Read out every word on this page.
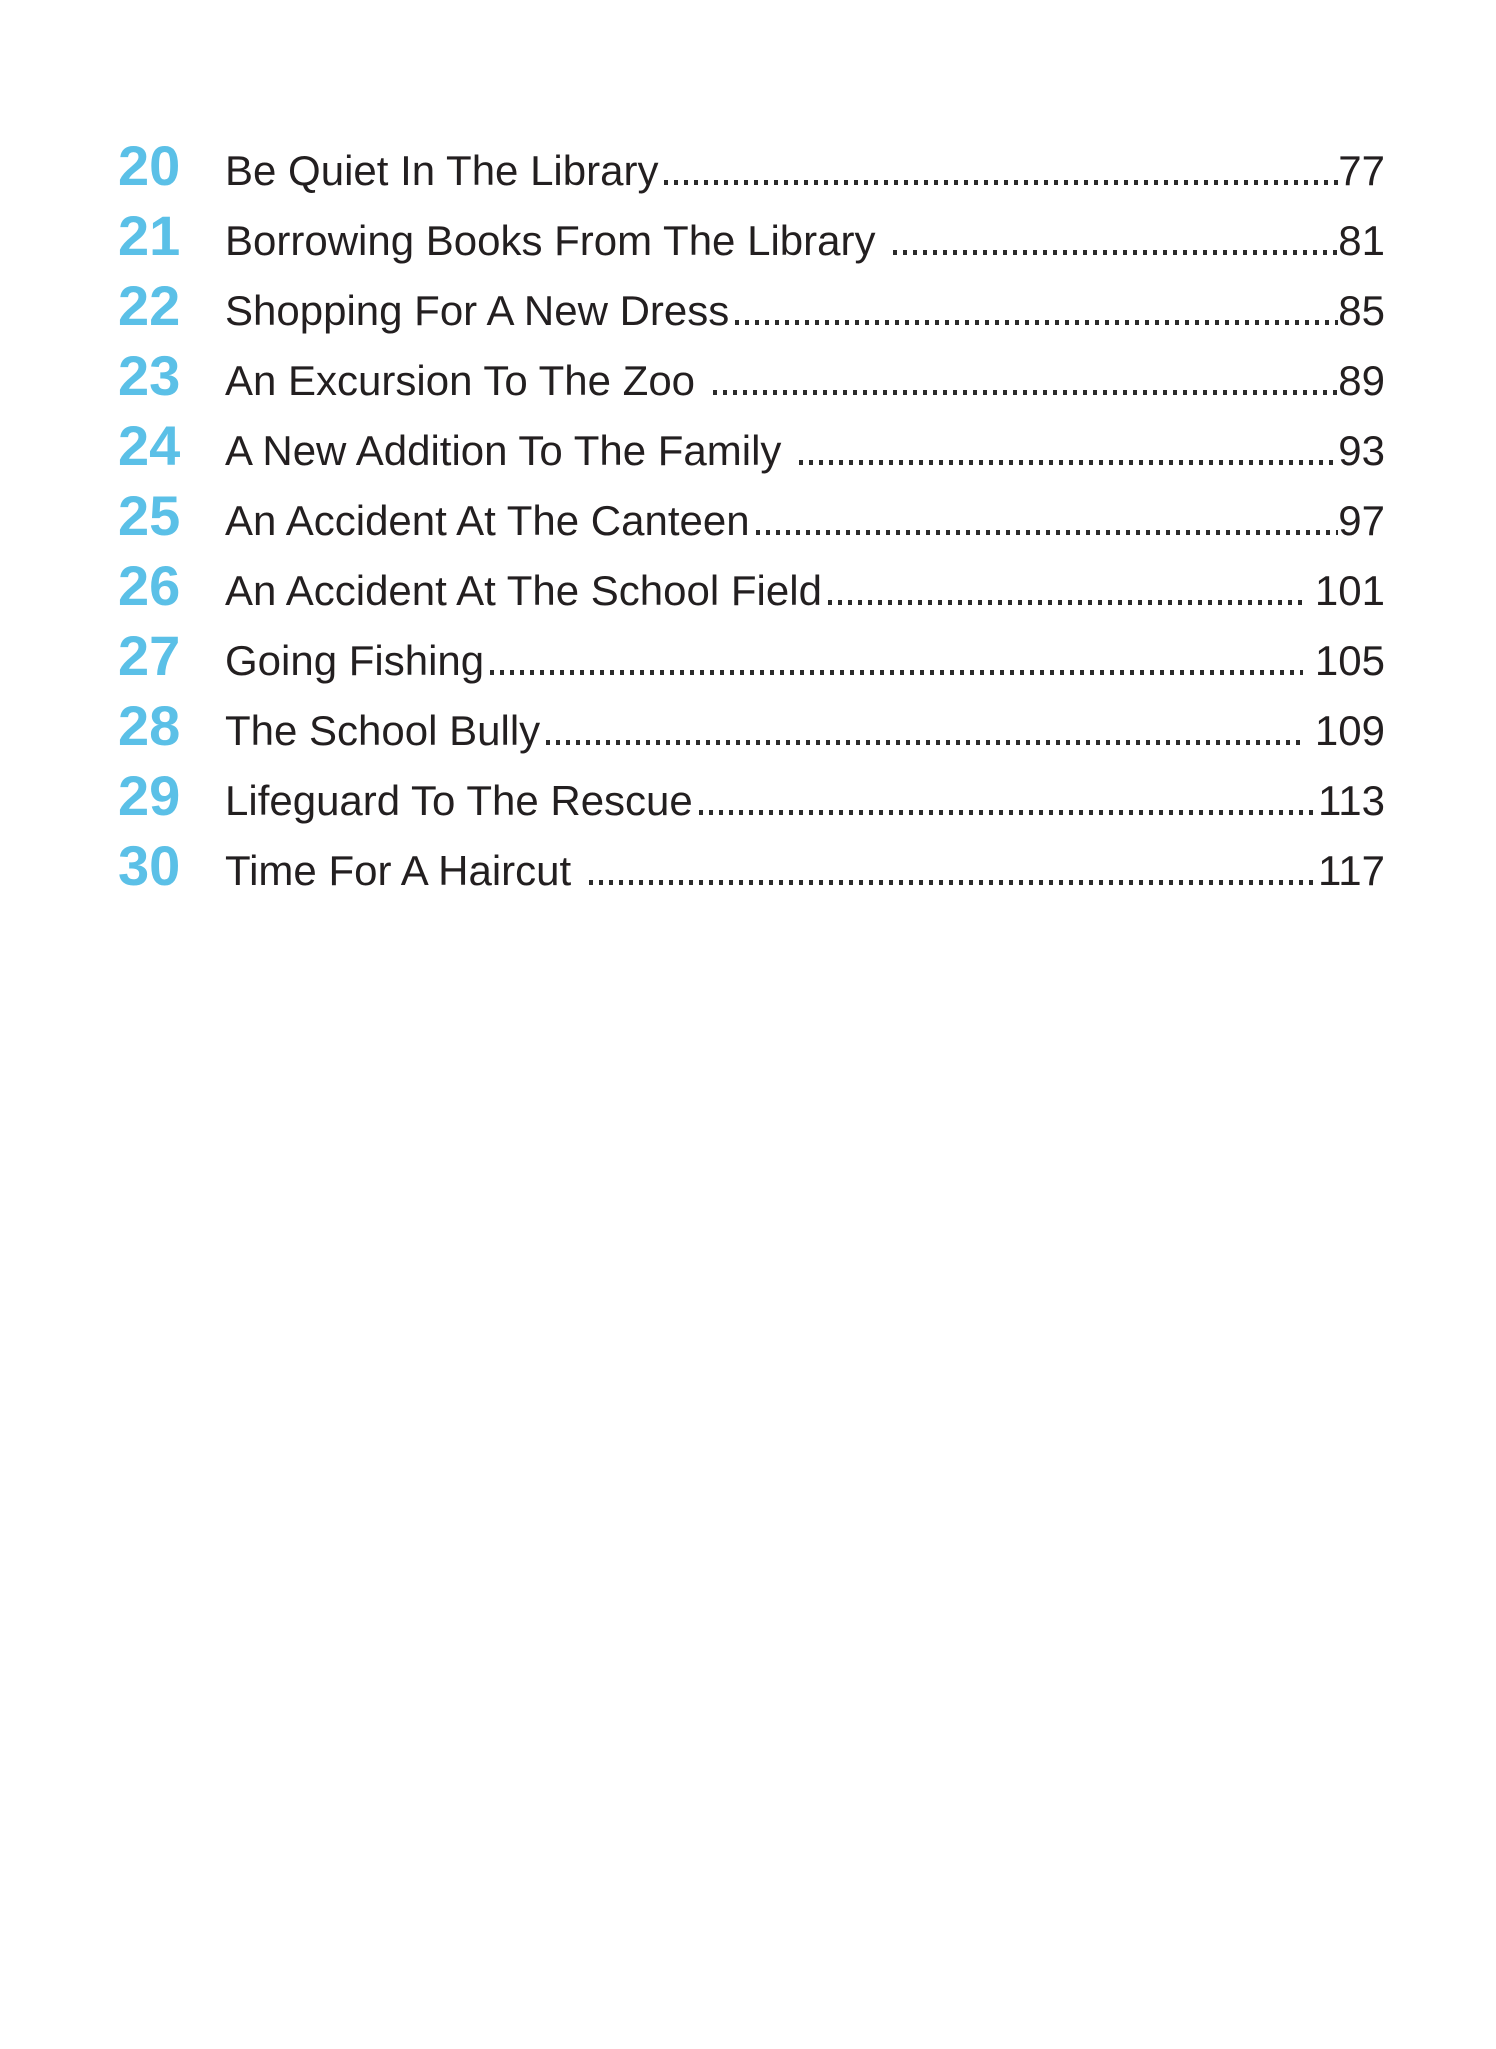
20	Be Quiet In The Library	77
21	Borrowing Books From The Library	81
22	Shopping For A New Dress	85
23	An Excursion To The Zoo	89
24	A New Addition To The Family	93
25	An Accident At The Canteen	97
26	An Accident At The School Field	101
27	Going Fishing	105
28	The School Bully	109
29	Lifeguard To The Rescue	113
30	Time For A Haircut	117
